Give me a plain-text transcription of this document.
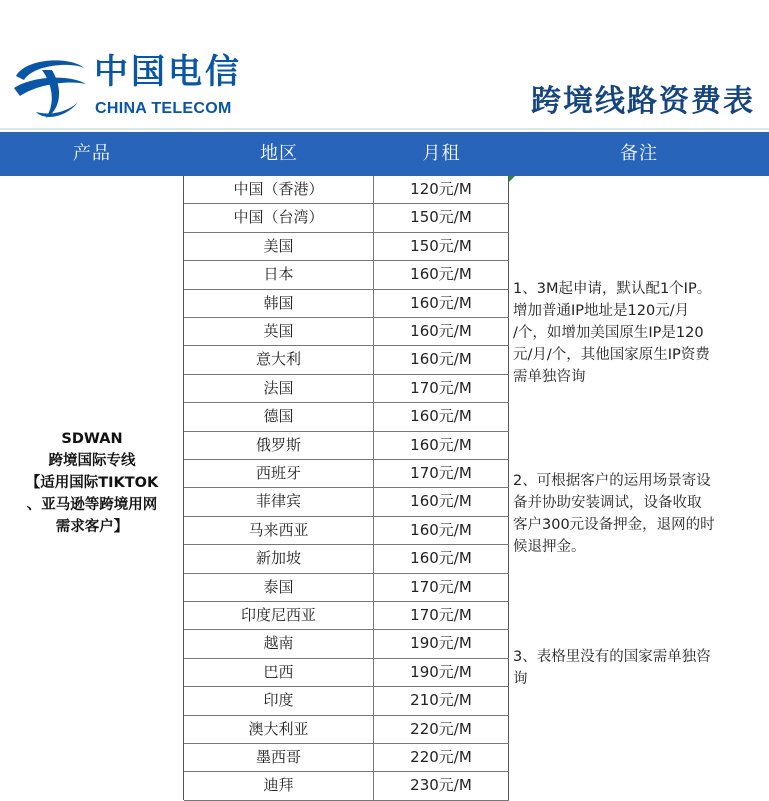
中国电信
CHINA TELECOM	跨境线路资费表
产品	地区	月租	备注
SDWAN
跨境国际专线
【适用国际TIKTOK
、亚马逊等跨境用网
需求客户】
中国（香港）	120元/M
中国（台湾）	150元/M
美国	150元/M
日本	160元/M
韩国	160元/M
英国	160元/M
意大利	160元/M
法国	170元/M
德国	160元/M
俄罗斯	160元/M
西班牙	170元/M
菲律宾	160元/M
马来西亚	160元/M
新加坡	160元/M
泰国	170元/M
印度尼西亚	170元/M
越南	190元/M
巴西	190元/M
印度	210元/M
澳大利亚	220元/M
墨西哥	220元/M
迪拜	230元/M
1、3M起申请，默认配1个IP。
增加普通IP地址是120元/月
/个，如增加美国原生IP是120
元/月/个，其他国家原生IP资费
需单独咨询
2、可根据客户的运用场景寄设
备并协助安装调试，设备收取
客户300元设备押金，退网的时
候退押金。
3、表格里没有的国家需单独咨
询
